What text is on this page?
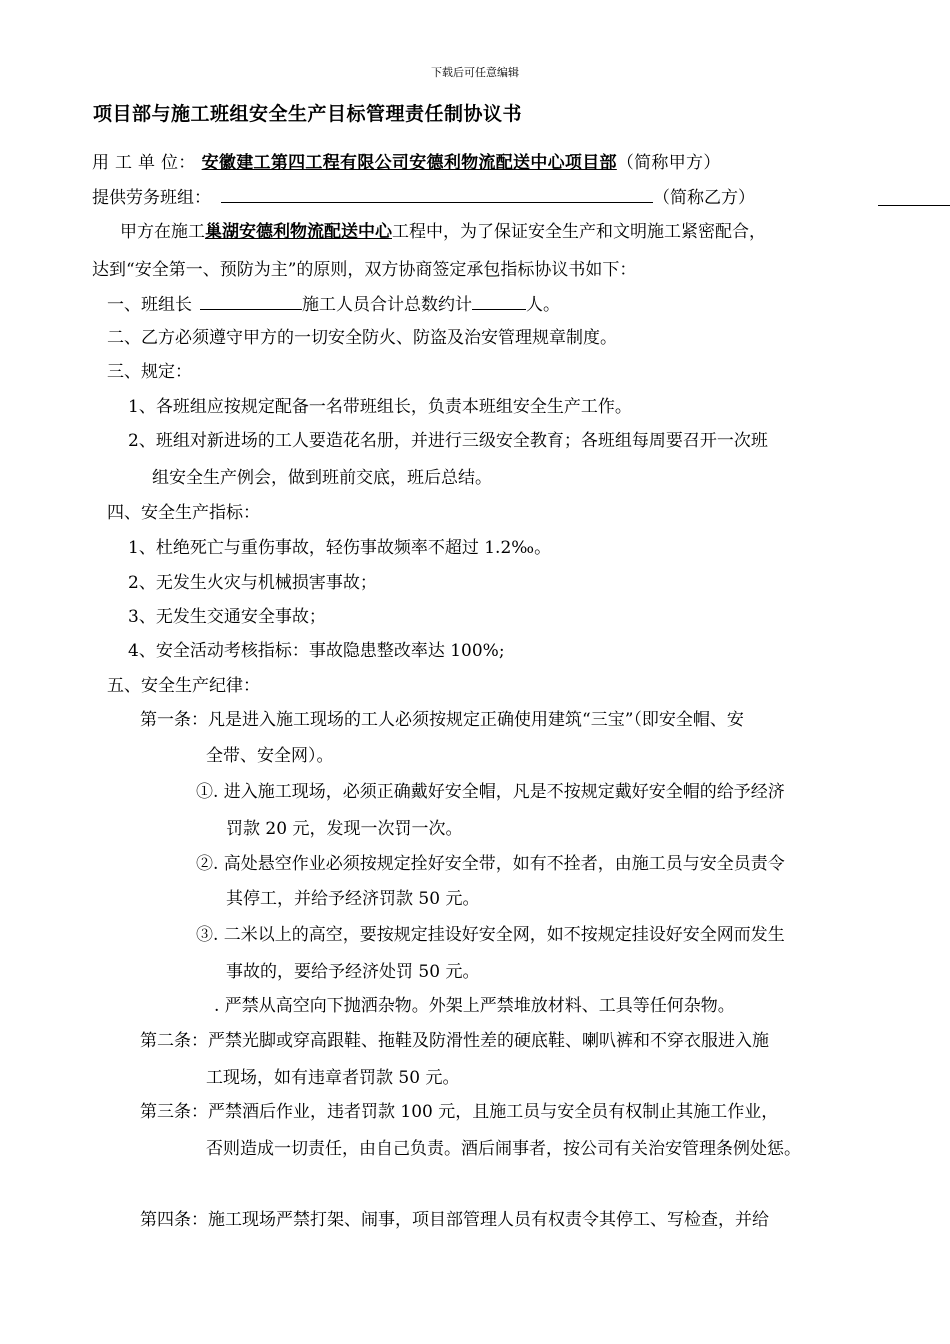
下载后可任意编辑
项目部与施工班组安全生产目标管理责任制协议书
用 工 单 位： 安徽建工第四工程有限公司安德利物流配送中心项目部（简称甲方）
提供劳务班组：	（简称乙方）
甲方在施工巢湖安德利物流配送中心工程中，为了保证安全生产和文明施工紧密配合，
达到“安全第一、预防为主”的原则，双方协商签定承包指标协议书如下：
一、班组长	施工人员合计总数约计	人。
二、乙方必须遵守甲方的一切安全防火、防盗及治安管理规章制度。
三、规定：
1、各班组应按规定配备一名带班组长，负责本班组安全生产工作。
2、班组对新进场的工人要造花名册，并进行三级安全教育；各班组每周要召开一次班
组安全生产例会，做到班前交底，班后总结。
四、安全生产指标：
1、杜绝死亡与重伤事故，轻伤事故频率不超过 1.2‰。
2、无发生火灾与机械损害事故；
3、无发生交通安全事故；
4、安全活动考核指标：事故隐患整改率达 100%;
五、安全生产纪律：
第一条：凡是进入施工现场的工人必须按规定正确使用建筑“三宝”（即安全帽、安
全带、安全网）。
①. 进入施工现场，必须正确戴好安全帽，凡是不按规定戴好安全帽的给予经济
罚款 20 元，发现一次罚一次。
②. 高处悬空作业必须按规定拴好安全带，如有不拴者，由施工员与安全员责令
其停工，并给予经济罚款 50 元。
③. 二米以上的高空，要按规定挂设好安全网，如不按规定挂设好安全网而发生
事故的，要给予经济处罚 50 元。
. 严禁从高空向下抛洒杂物。外架上严禁堆放材料、工具等任何杂物。
第二条：严禁光脚或穿高跟鞋、拖鞋及防滑性差的硬底鞋、喇叭裤和不穿衣服进入施
工现场，如有违章者罚款 50 元。
第三条：严禁酒后作业，违者罚款 100 元，且施工员与安全员有权制止其施工作业，
否则造成一切责任，由自己负责。酒后闹事者，按公司有关治安管理条例处惩。
第四条：施工现场严禁打架、闹事，项目部管理人员有权责令其停工、写检查，并给
